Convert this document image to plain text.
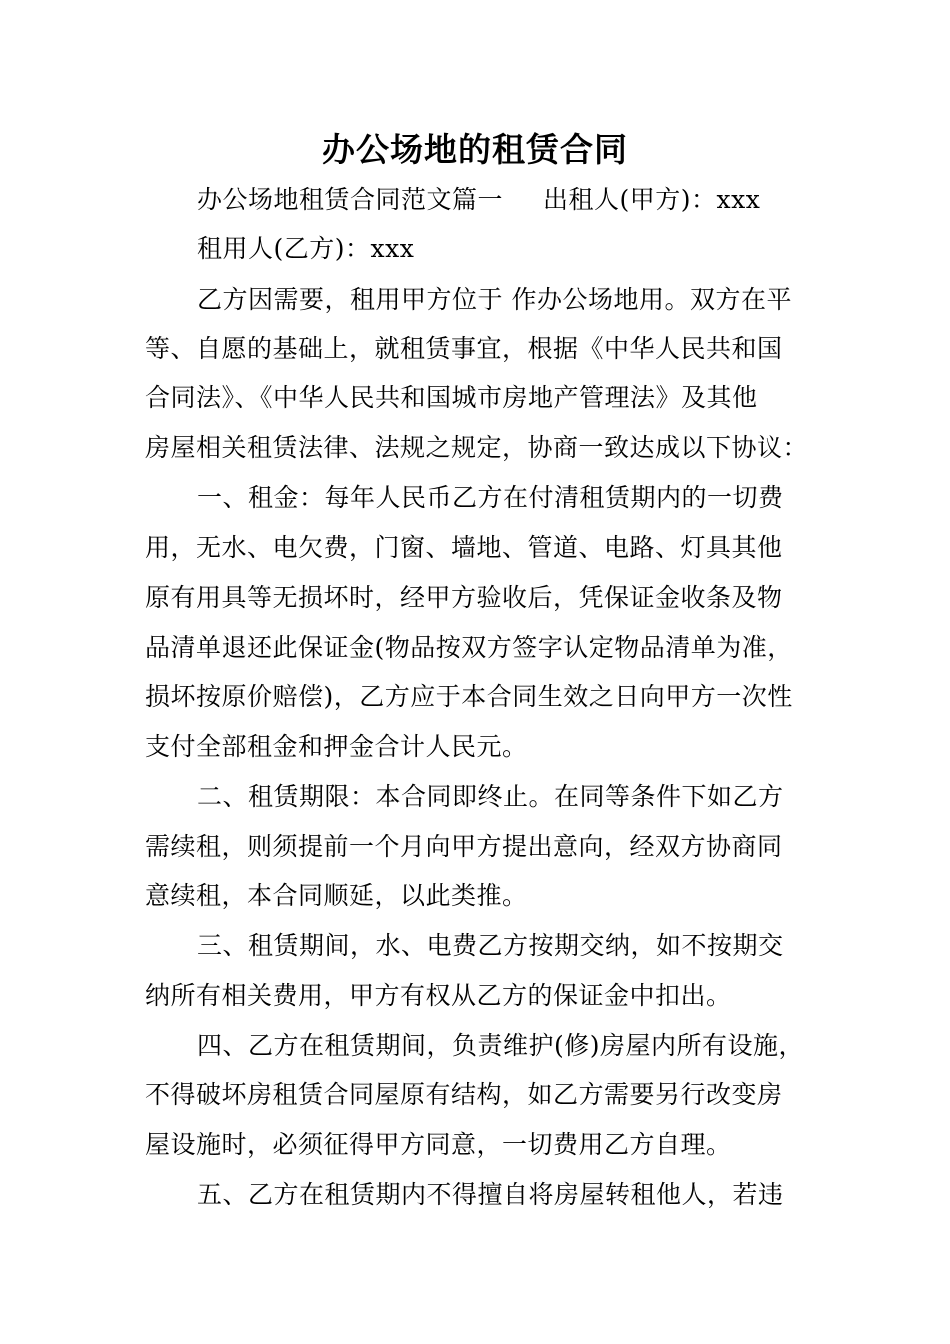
办公场地的租赁合同
办公场地租赁合同范文篇一 出租人(甲方)：xxx
租用人(乙方)：xxx
乙方因需要，租用甲方位于 作办公场地用。双方在平
等、自愿的基础上，就租赁事宜，根据《中华人民共和国
合同法》、《中华人民共和国城市房地产管理法》及其他
房屋相关租赁法律、法规之规定，协商一致达成以下协议：
一、租金：每年人民币乙方在付清租赁期内的一切费
用，无水、电欠费，门窗、墙地、管道、电路、灯具其他
原有用具等无损坏时，经甲方验收后，凭保证金收条及物
品清单退还此保证金(物品按双方签字认定物品清单为准，
损坏按原价赔偿)，乙方应于本合同生效之日向甲方一次性
支付全部租金和押金合计人民元。
二、租赁期限：本合同即终止。在同等条件下如乙方
需续租，则须提前一个月向甲方提出意向，经双方协商同
意续租，本合同顺延，以此类推。
三、租赁期间，水、电费乙方按期交纳，如不按期交
纳所有相关费用，甲方有权从乙方的保证金中扣出。
四、乙方在租赁期间，负责维护(修)房屋内所有设施，
不得破坏房租赁合同屋原有结构，如乙方需要另行改变房
屋设施时，必须征得甲方同意，一切费用乙方自理。
五、乙方在租赁期内不得擅自将房屋转租他人，若违
